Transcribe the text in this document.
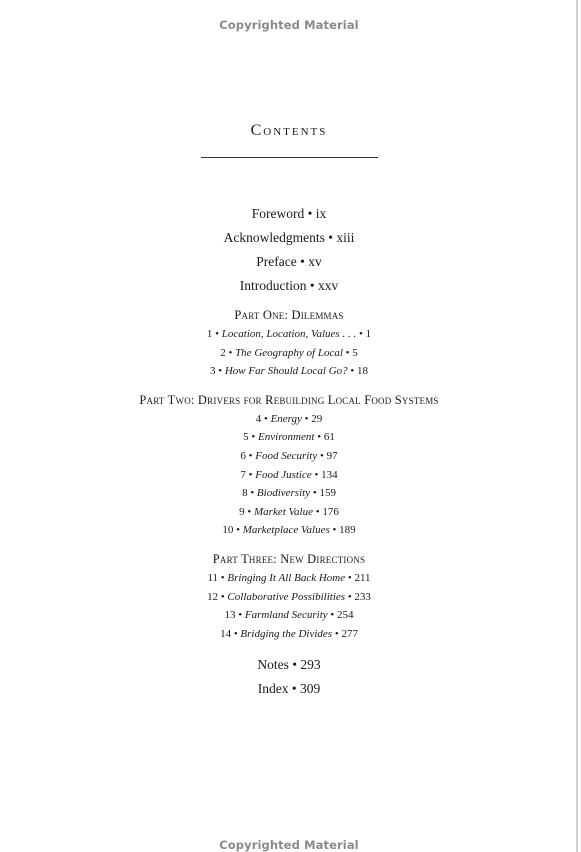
Copyrighted Material
Contents
Foreword • ix
Acknowledgments • xiii
Preface • xv
Introduction • xxv
Part One: Dilemmas
1 • Location, Location, Values . . . • 1
2 • The Geography of Local • 5
3 • How Far Should Local Go? • 18
Part Two: Drivers for Rebuilding Local Food Systems
4 • Energy • 29
5 • Environment • 61
6 • Food Security • 97
7 • Food Justice • 134
8 • Biodiversity • 159
9 • Market Value • 176
10 • Marketplace Values • 189
Part Three: New Directions
11 • Bringing It All Back Home • 211
12 • Collaborative Possibilities • 233
13 • Farmland Security • 254
14 • Bridging the Divides • 277
Notes • 293
Index • 309
Copyrighted Material
